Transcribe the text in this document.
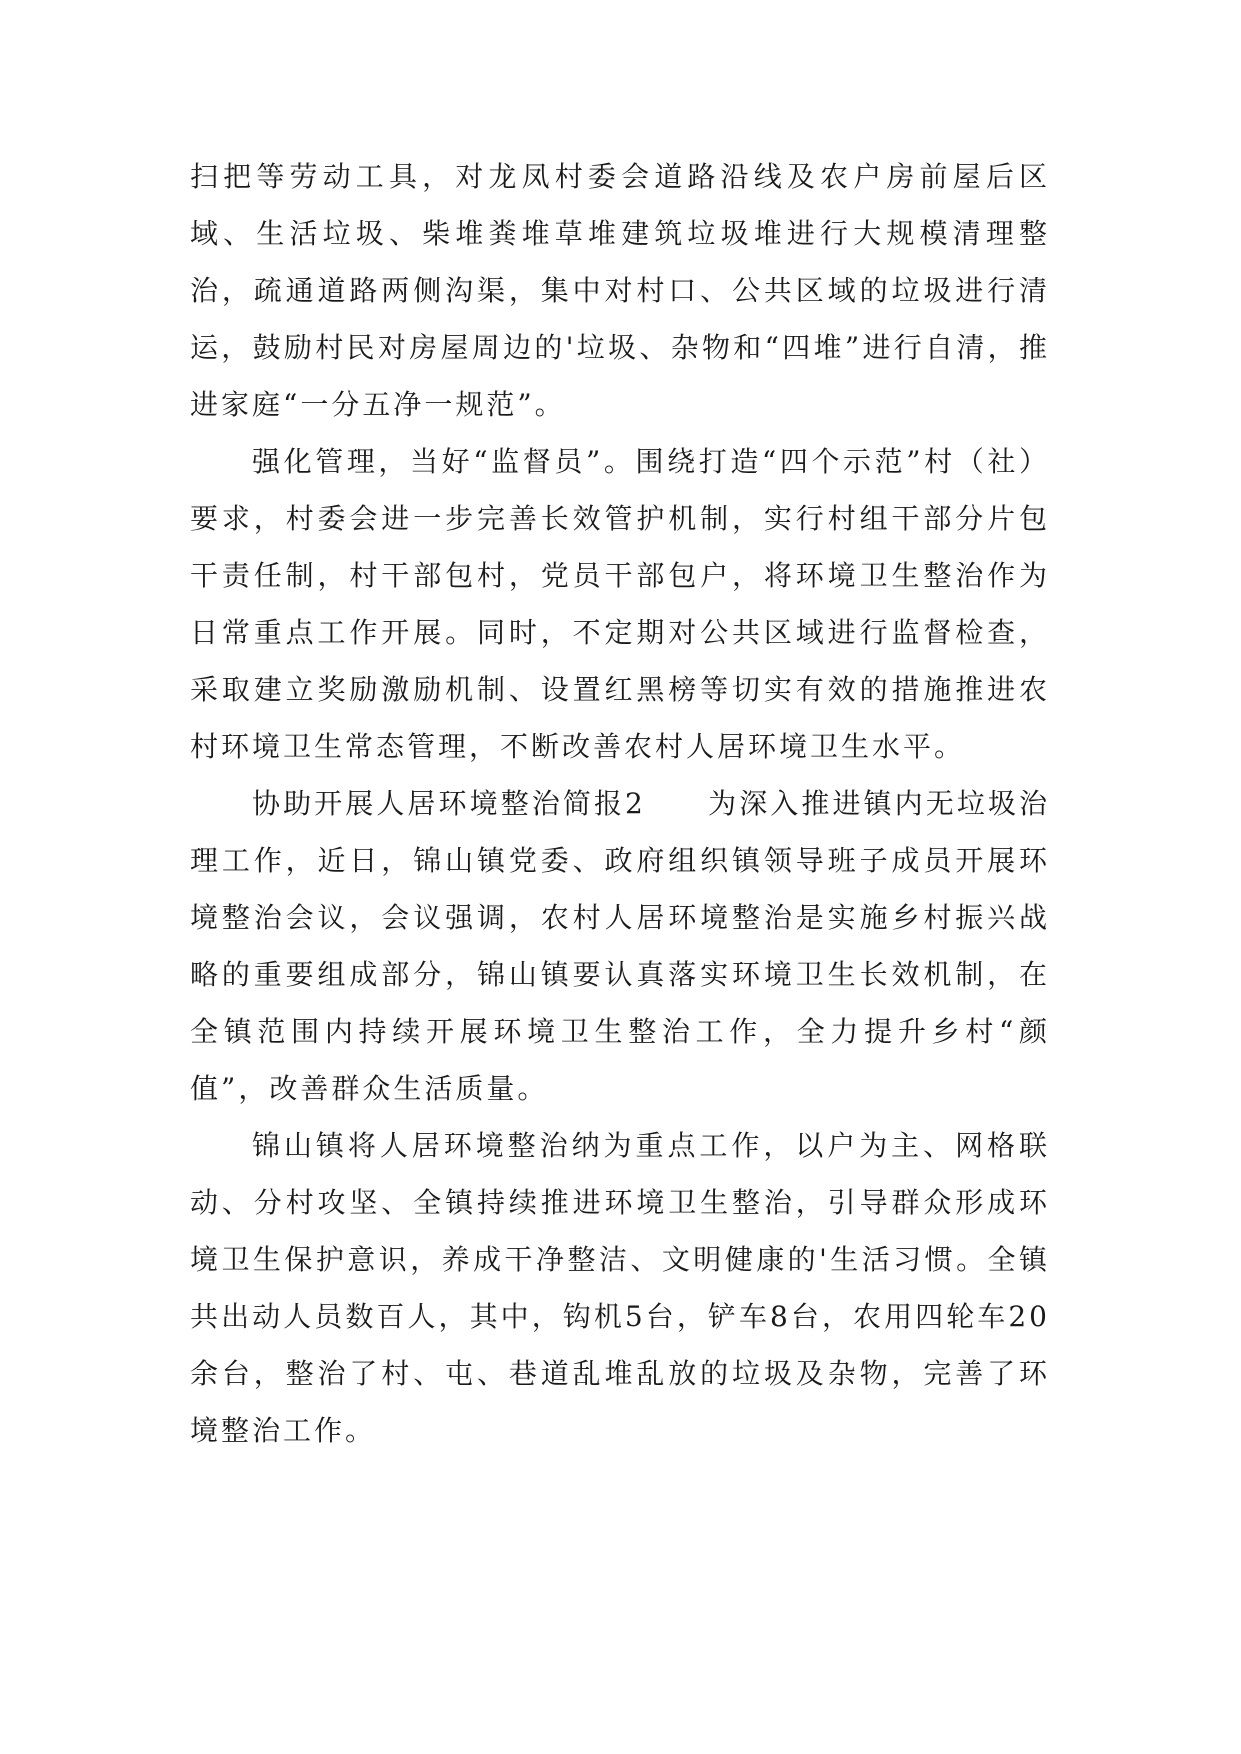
扫把等劳动工具，对龙凤村委会道路沿线及农户房前屋后区域、生活垃圾、柴堆粪堆草堆建筑垃圾堆进行大规模清理整治，疏通道路两侧沟渠，集中对村口、公共区域的垃圾进行清运，鼓励村民对房屋周边的'垃圾、杂物和“四堆”进行自清，推进家庭“一分五净一规范”。

强化管理，当好“监督员”。围绕打造“四个示范”村（社）要求，村委会进一步完善长效管护机制，实行村组干部分片包干责任制，村干部包村，党员干部包户，将环境卫生整治作为日常重点工作开展。同时，不定期对公共区域进行监督检查，采取建立奖励激励机制、设置红黑榜等切实有效的措施推进农村环境卫生常态管理，不断改善农村人居环境卫生水平。

协助开展人居环境整治简报2　　为深入推进镇内无垃圾治理工作，近日，锦山镇党委、政府组织镇领导班子成员开展环境整治会议，会议强调，农村人居环境整治是实施乡村振兴战略的重要组成部分，锦山镇要认真落实环境卫生长效机制，在全镇范围内持续开展环境卫生整治工作，全力提升乡村“颜值”，改善群众生活质量。

锦山镇将人居环境整治纳为重点工作，以户为主、网格联动、分村攻坚、全镇持续推进环境卫生整治，引导群众形成环境卫生保护意识，养成干净整洁、文明健康的'生活习惯。全镇共出动人员数百人，其中，钩机5台，铲车8台，农用四轮车20余台，整治了村、屯、巷道乱堆乱放的垃圾及杂物，完善了环境整治工作。
